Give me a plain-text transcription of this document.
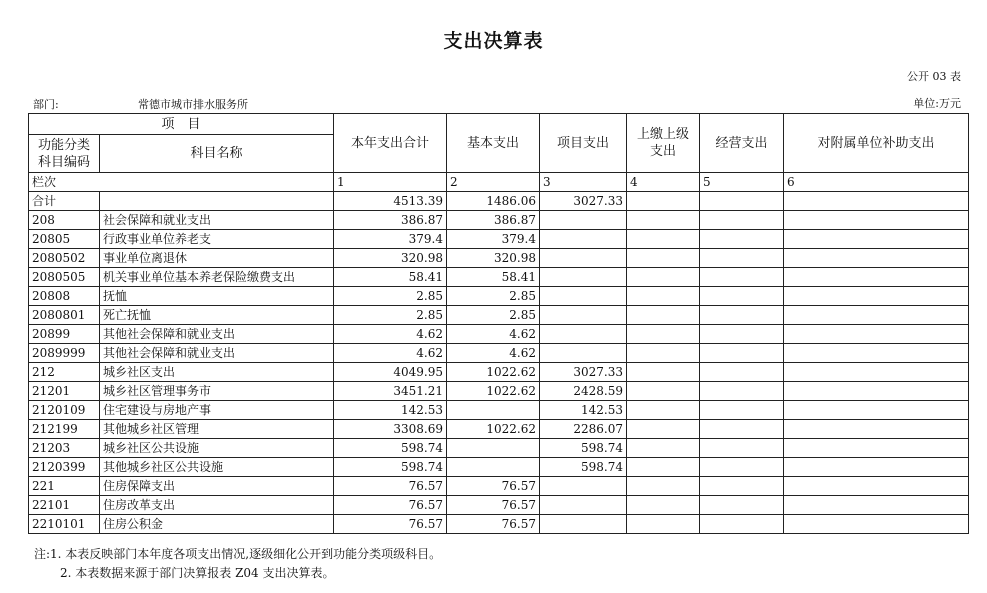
支出决算表
公开 03 表
部门:	常德市城市排水服务所	单位:万元
项　目		本年支出合计	基本支出	项目支出	上缴上级支出	经营支出	对附属单位补助支出
功能分类科目编码	科目名称						
栏次		1	2	3	4	5	6
合计		4513.39	1486.06	3027.33			
208	社会保障和就业支出	386.87	386.87				
20805	行政事业单位养老支	379.4	379.4				
2080502	事业单位离退休	320.98	320.98				
2080505	机关事业单位基本养老保险缴费支出	58.41	58.41				
20808	抚恤	2.85	2.85				
2080801	死亡抚恤	2.85	2.85				
20899	其他社会保障和就业支出	4.62	4.62				
2089999	其他社会保障和就业支出	4.62	4.62				
212	城乡社区支出	4049.95	1022.62	3027.33			
21201	城乡社区管理事务市	3451.21	1022.62	2428.59			
2120109	住宅建设与房地产事	142.53		142.53			
212199	其他城乡社区管理	3308.69	1022.62	2286.07			
21203	城乡社区公共设施	598.74		598.74			
2120399	其他城乡社区公共设施	598.74		598.74			
221	住房保障支出	76.57	76.57				
22101	住房改革支出	76.57	76.57				
2210101	住房公积金	76.57	76.57				
注:1. 本表反映部门本年度各项支出情况,逐级细化公开到功能分类项级科目。
2. 本表数据来源于部门决算报表 Z04 支出决算表。
